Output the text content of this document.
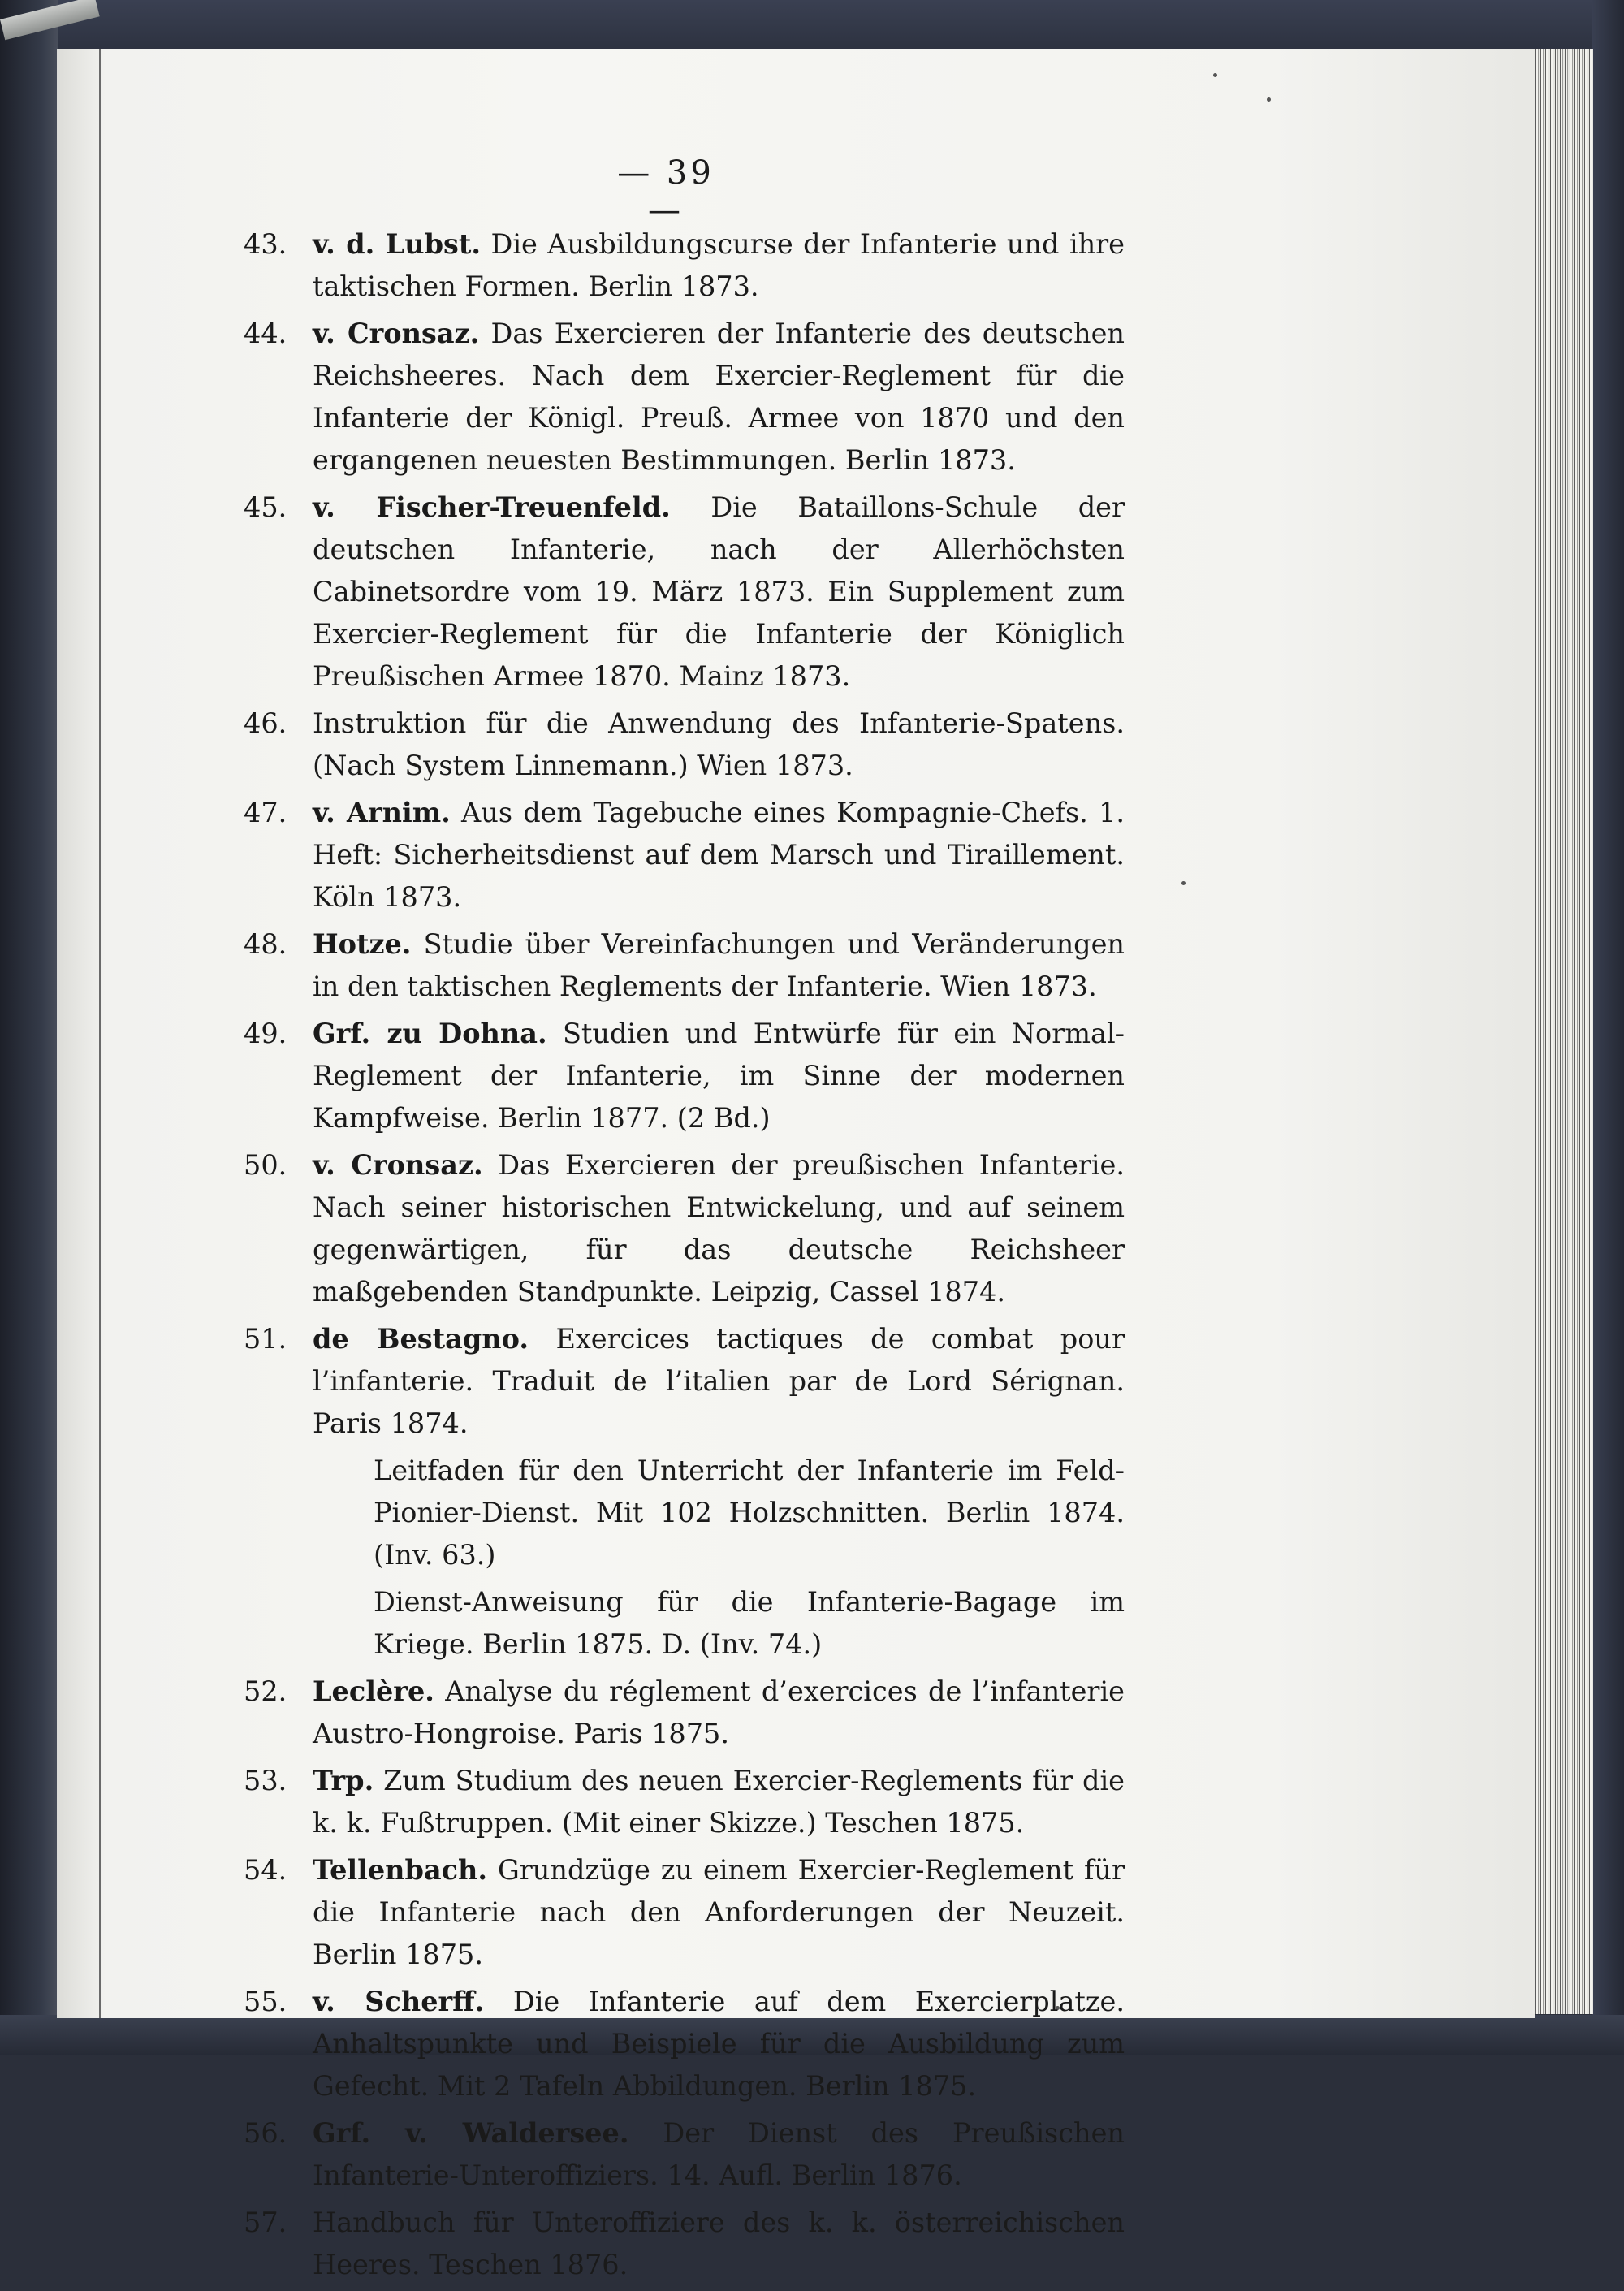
— 39 —
43. v. d. Lubst. Die Ausbildungscurse der Infanterie und ihre taktischen Formen. Berlin 1873.
44. v. Cronsaz. Das Exercieren der Infanterie des deutschen Reichsheeres. Nach dem Exercier-Reglement für die Infanterie der Königl. Preuß. Armee von 1870 und den ergangenen neuesten Bestimmungen. Berlin 1873.
45. v. Fischer-Treuenfeld. Die Bataillons-Schule der deutschen Infanterie, nach der Allerhöchsten Cabinetsordre vom 19. März 1873. Ein Supplement zum Exercier-Reglement für die Infanterie der Königlich Preußischen Armee 1870. Mainz 1873.
46. Instruktion für die Anwendung des Infanterie-Spatens. (Nach System Linnemann.) Wien 1873.
47. v. Arnim. Aus dem Tagebuche eines Kompagnie-Chefs. 1. Heft: Sicherheitsdienst auf dem Marsch und Tiraillement. Köln 1873.
48. Hotze. Studie über Vereinfachungen und Veränderungen in den taktischen Reglements der Infanterie. Wien 1873.
49. Grf. zu Dohna. Studien und Entwürfe für ein Normal-Reglement der Infanterie, im Sinne der modernen Kampfweise. Berlin 1877. (2 Bd.)
50. v. Cronsaz. Das Exercieren der preußischen Infanterie. Nach seiner historischen Entwickelung, und auf seinem gegenwärtigen, für das deutsche Reichsheer maßgebenden Standpunkte. Leipzig, Cassel 1874.
51. de Bestagno. Exercices tactiques de combat pour l’infanterie. Traduit de l’italien par de Lord Sérignan. Paris 1874.
Leitfaden für den Unterricht der Infanterie im Feld-Pionier-Dienst. Mit 102 Holzschnitten. Berlin 1874. (Inv. 63.)
Dienst-Anweisung für die Infanterie-Bagage im Kriege. Berlin 1875. D. (Inv. 74.)
52. Leclère. Analyse du réglement d’exercices de l’infanterie Austro-Hongroise. Paris 1875.
53. Trp. Zum Studium des neuen Exercier-Reglements für die k. k. Fußtruppen. (Mit einer Skizze.) Teschen 1875.
54. Tellenbach. Grundzüge zu einem Exercier-Reglement für die Infanterie nach den Anforderungen der Neuzeit. Berlin 1875.
55. v. Scherff. Die Infanterie auf dem Exercierplatze. Anhaltspunkte und Beispiele für die Ausbildung zum Gefecht. Mit 2 Tafeln Abbildungen. Berlin 1875.
56. Grf. v. Waldersee. Der Dienst des Preußischen Infanterie-Unteroffiziers. 14. Aufl. Berlin 1876.
57. Handbuch für Unteroffiziere des k. k. österreichischen Heeres. Teschen 1876.
